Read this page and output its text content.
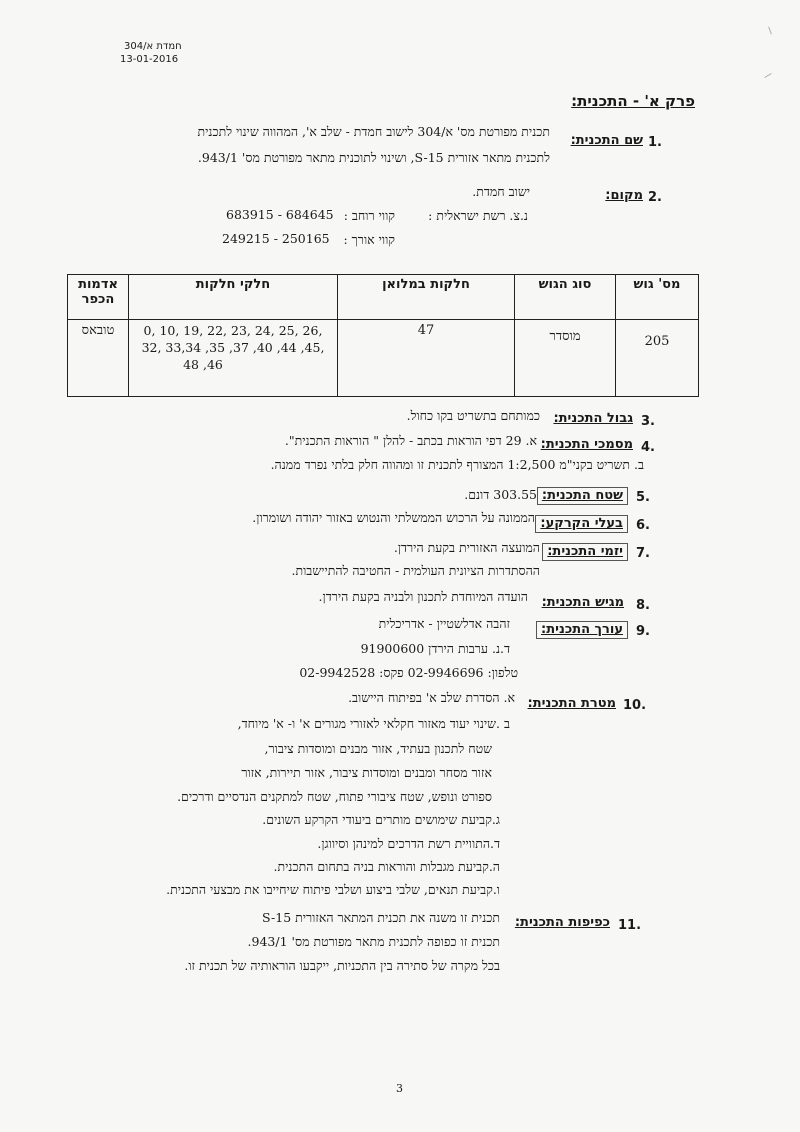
חמדת א/304
13-01-2016
פרק א' - התכנית:
1.
שם התכנית:
תכנית מפורטת מס' א/304 לישוב חמדת - שלב א', המהווה שינוי לתכנית
לתכנית מתאר אזורית S-15, ושינוי לתוכנית מתאר מפורטת מס' 943/1.
2.
מקום:
ישוב חמדת.
נ.צ. רשת ישראלית :
קווי רוחב :
683915 - 684645
קווי אורך :
249215 - 250165
מס' גוש	סוג הגוש	חלקות במלואן	חלקי חלקות	אדמות הכפר
205	מוסדר	47	0, 10, 19, 22, 23, 24, 25, 26,
32, 33,34 ,35 ,37 ,40 ,44 ,45,
48 ,46	טובאס
3.
גבול התכנית:
כמותחם בתשריט בקו כחול.
4.
מסמכי התכנית:
א. 29 דפי הוראות בכתב - להלן " הוראות התכנית".
ב. תשריט בקני"מ 1:2,500 המצורף לתכנית זו ומהווה חלק בלתי נפרד ממנה.
5.
שטח התכנית:
303.55 דונם.
6.
בעלי הקרקע:
הממונה על הרכוש הממשלתי והנטוש באזור יהודה ושומרון.
7.
יזמי התכנית:
המועצה האזורית בקעת הירדן.
ההסתדרות הציונית העולמית - החטיבה להתיישבות.
8.
מגיש התכנית:
הועדה המיוחדת לתכנון ולבניה בקעת הירדן.
9.
עורך התכנית:
זהבה אדלשטיין - אדריכלית
ד.נ. ערבות הירדן 91900600
טלפון: 02-9946696 פקס: 02-9942528
10.
מטרת התכנית:
א. הסדרת שלב א' בפיתוח היישוב.
ב .שינוי יעוד מאזור חקלאי לאזורי מגורים א' ו- א' מיוחד,
שטח לתכנון בעתיד, אזור מבנים ומוסדות ציבור,
אזור מסחר ומבנים ומוסדות ציבור, אזור תיירות, אזור
ספורט ונופש, שטח ציבורי פתוח, שטח למתקנים הנדסיים ודרכים.
ג.קביעת שימושים מותרים ביעודי הקרקע השונים.
ד.התוויית רשת הדרכים למינהן וסיווגן.
ה.קביעת מגבלות והוראות בניה בתחום התכנית.
ו.קביעת תנאים, שלבי ביצוע ושלבי פיתוח שיחייבו את מבצעי התכנית.
11.
כפיפות התכנית:
תכנית זו משנה את תכנית המתאר האזורית S-15
תכנית זו כפופה לתכנית מתאר מפורטת מס' 943/1.
בכל מקרה של סתירה בין התכניות, ייקבעו הוראותיה של תכנית זו.
3
